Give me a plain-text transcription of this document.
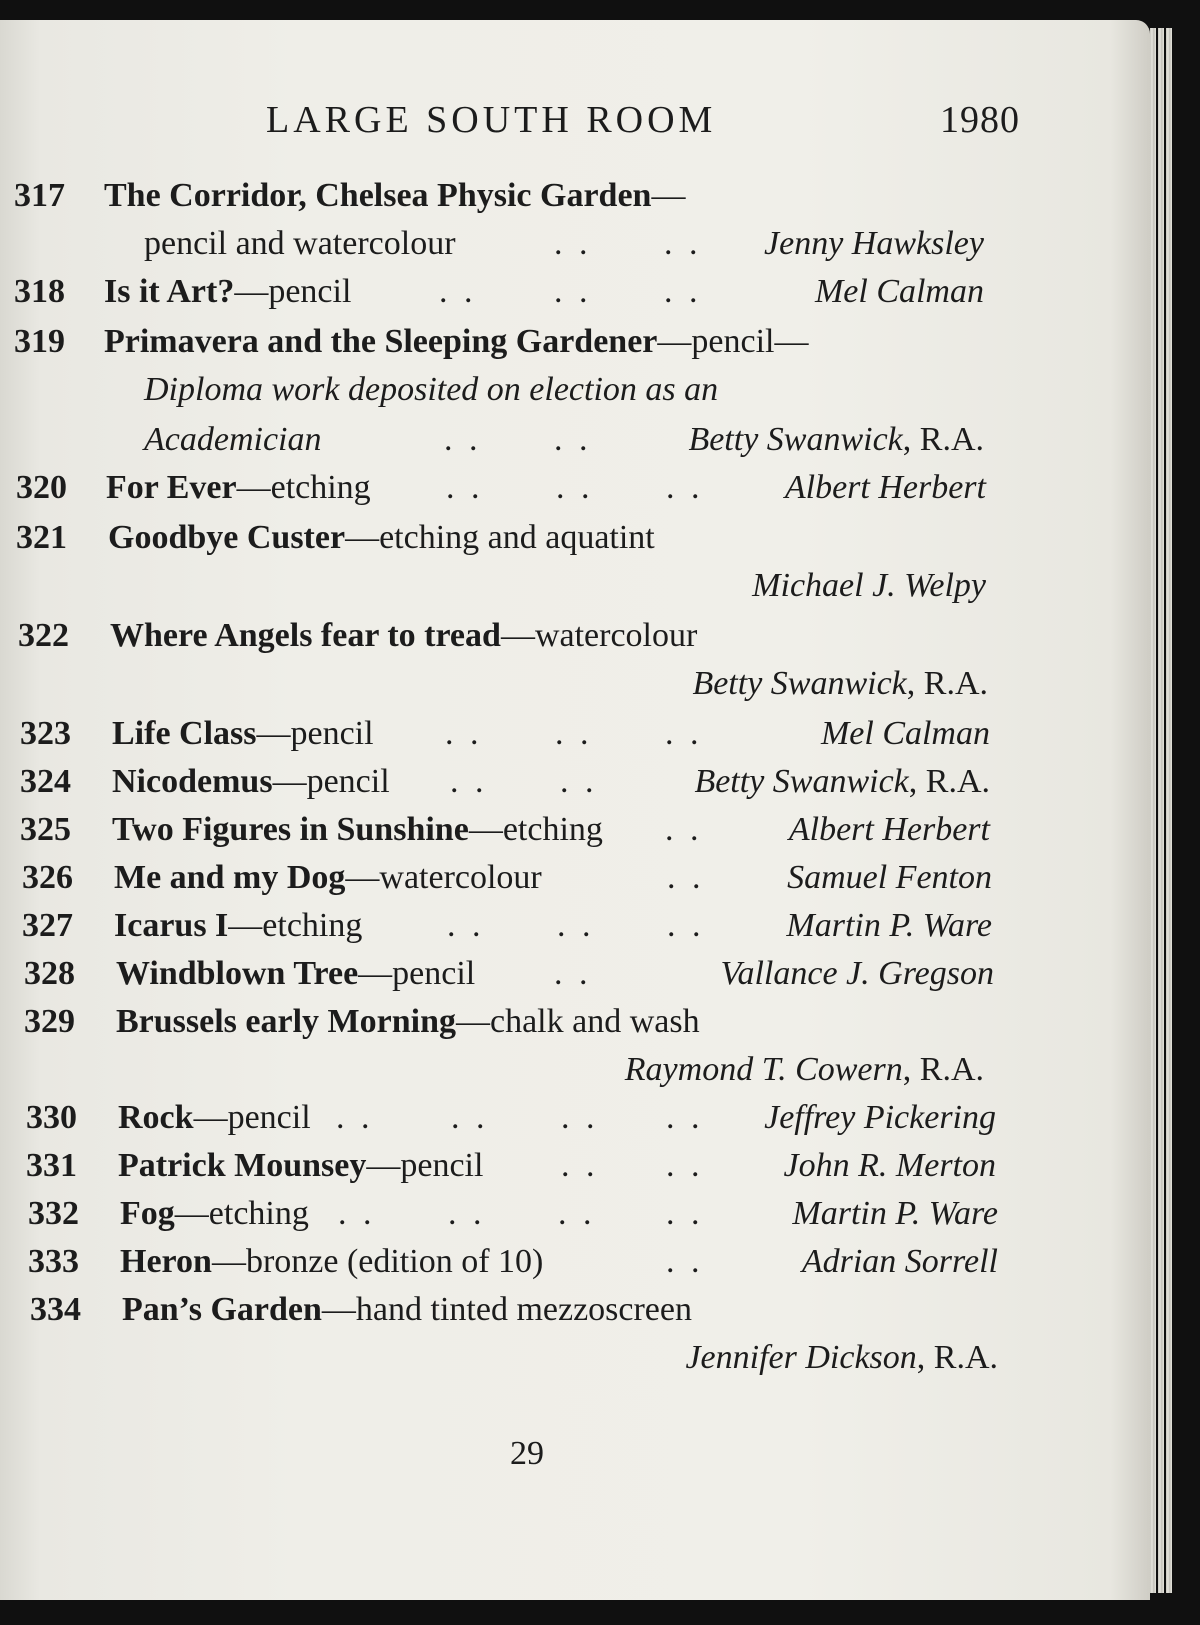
LARGE SOUTH ROOM	1980
317 The Corridor, Chelsea Physic Garden—
pencil and watercolour	. . . . Jenny Hawksley
318 Is it Art?—pencil	. . . . . .	Mel Calman
319 Primavera and the Sleeping Gardener—pencil—
Diploma work deposited on election as an
Academician	. . . .	Betty Swanwick, R.A.
320 For Ever—etching . . . . . . Albert Herbert
321 Goodbye Custer—etching and aquatint
Michael J. Welpy
322 Where Angels fear to tread—watercolour
Betty Swanwick, R.A.
323 Life Class—pencil . . . . . .	Mel Calman
324 Nicodemus—pencil . . . .	Betty Swanwick, R.A.
325 Two Figures in Sunshine—etching . .	Albert Herbert
326 Me and my Dog—watercolour	. . Samuel Fenton
327 Icarus I—etching . . . . . . Martin P. Ware
328 Windblown Tree—pencil . .	Vallance J. Gregson
329 Brussels early Morning—chalk and wash
Raymond T. Cowern, R.A.
330 Rock—pencil . . . . . . . . Jeffrey Pickering
331 Patrick Mounsey—pencil . . . . John R. Merton
332 Fog—etching . . . . . . . .	Martin P. Ware
333 Heron—bronze (edition of 10)	. .	Adrian Sorrell
334 Pan’s Garden—hand tinted mezzoscreen
Jennifer Dickson, R.A.
29
